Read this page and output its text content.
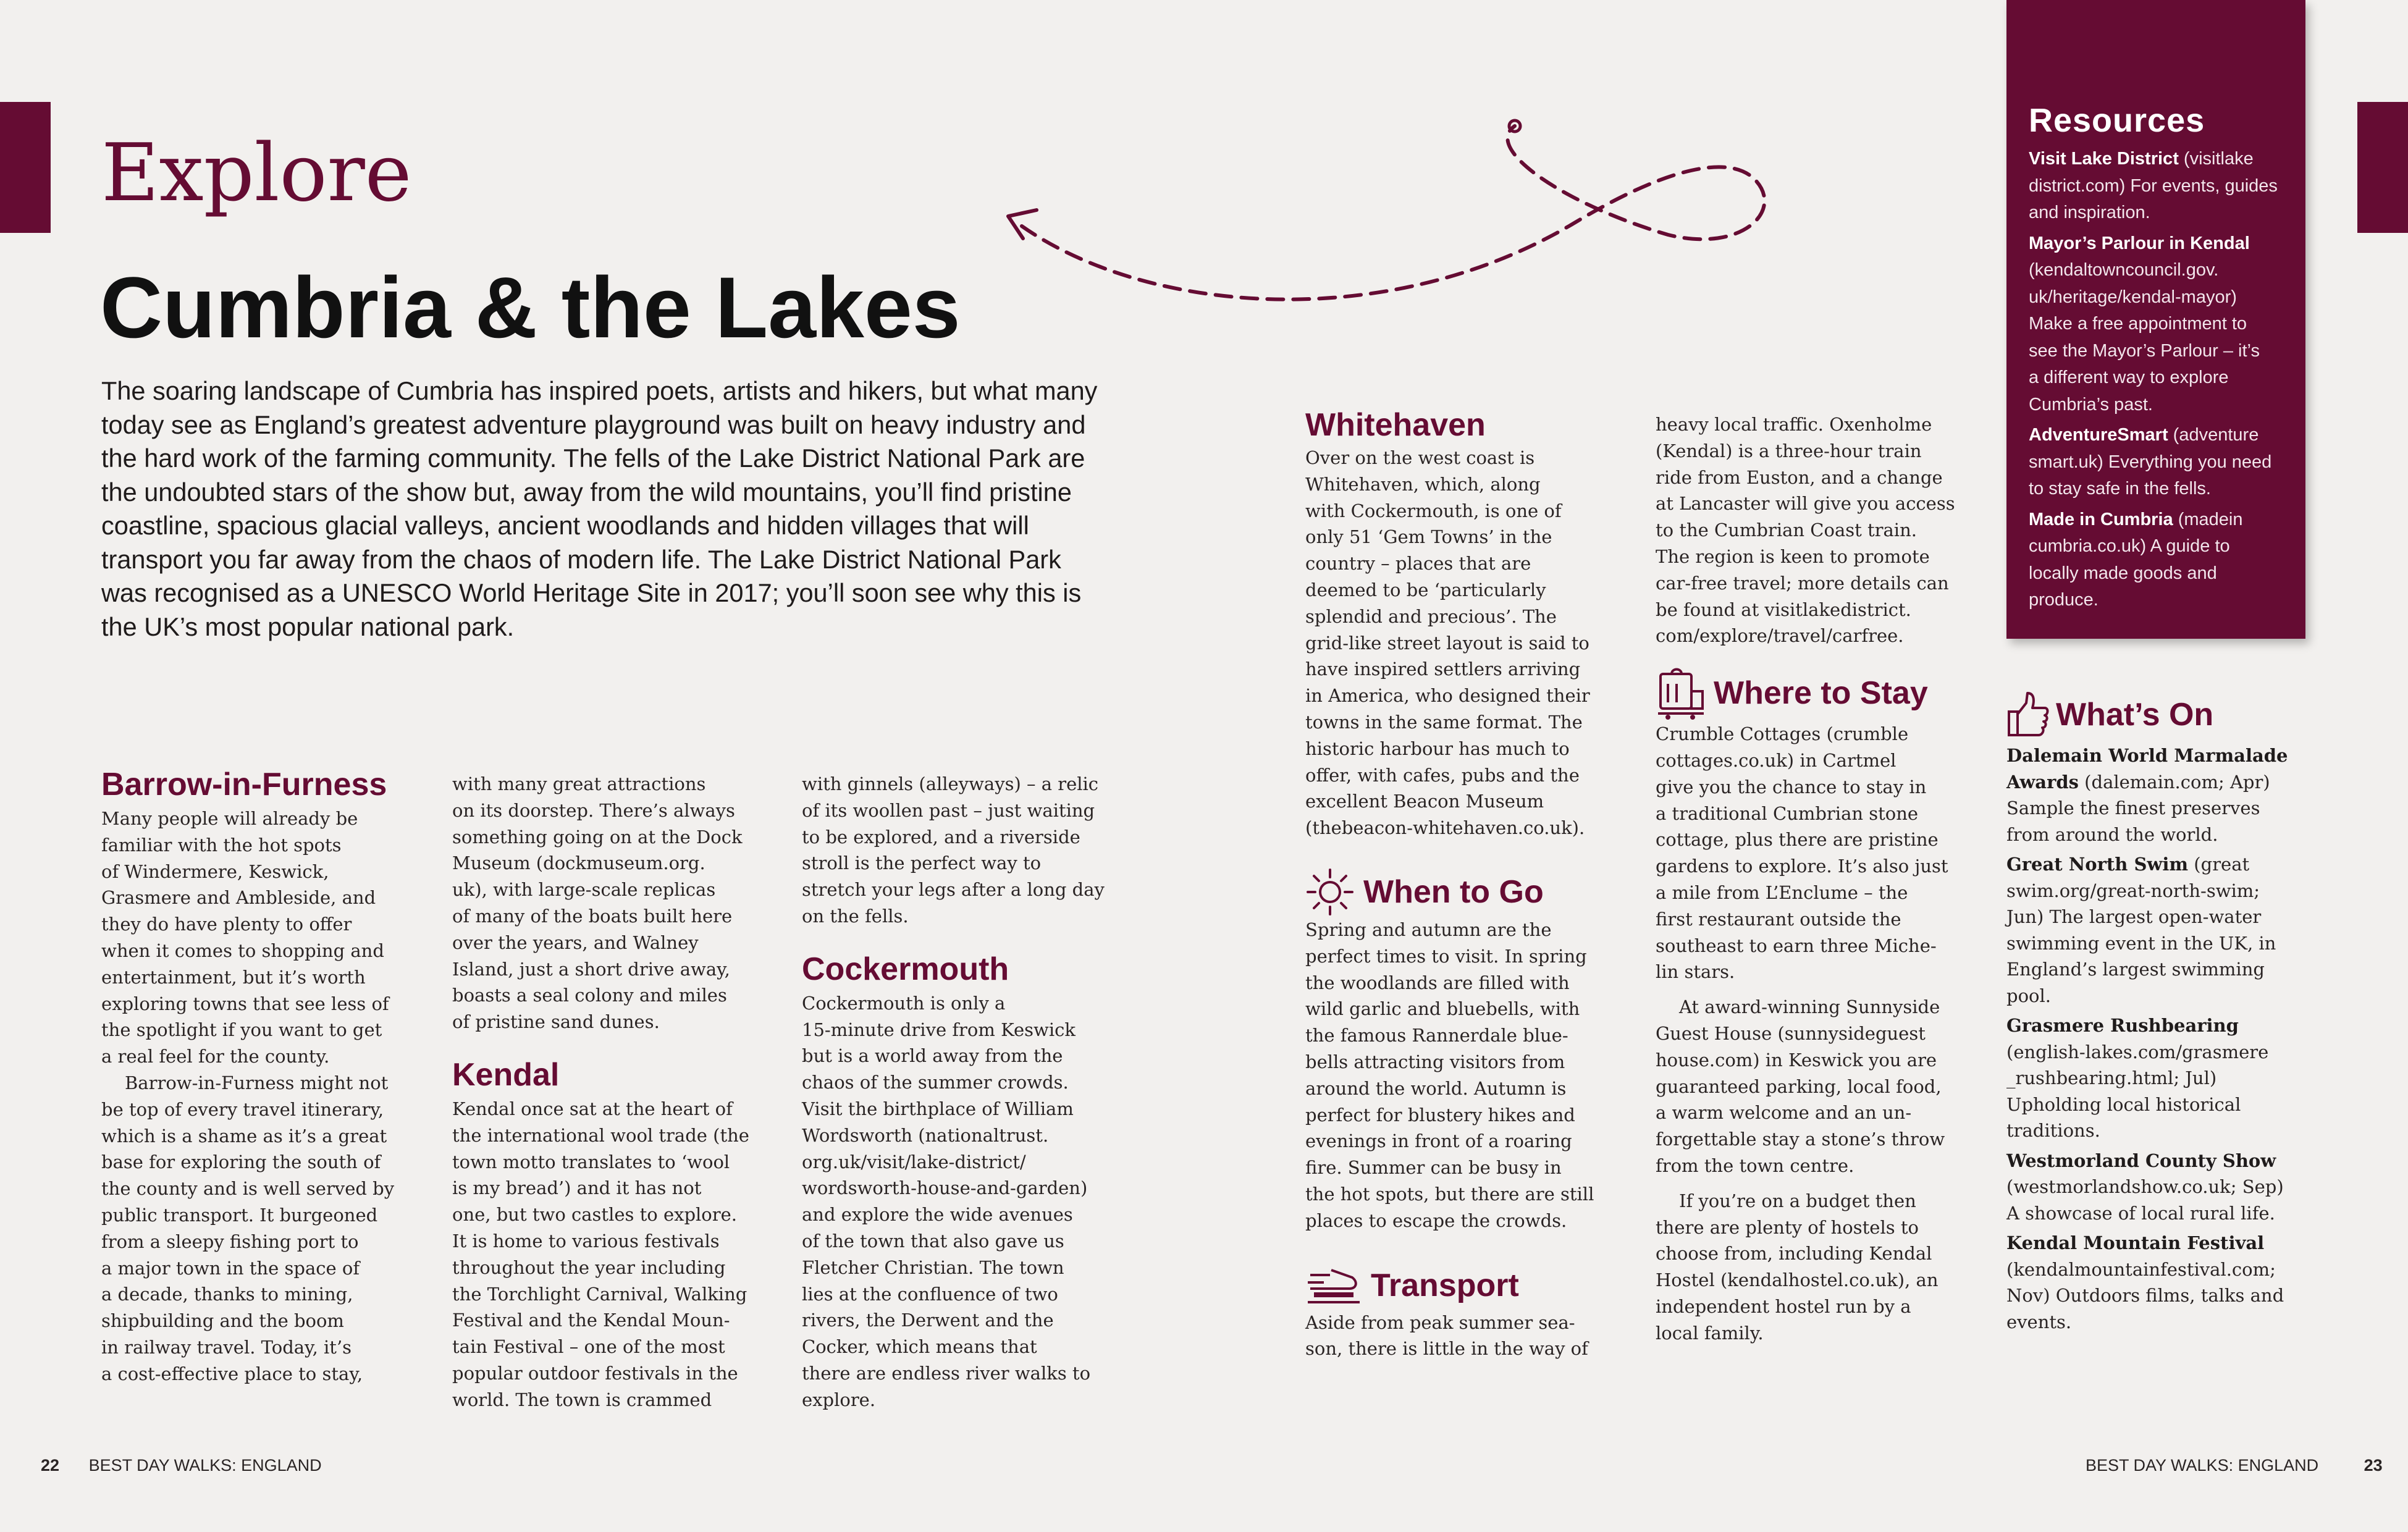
Explore
Cumbria & the Lakes

The soaring landscape of Cumbria has inspired poets, artists and hikers, but what many
today see as England’s greatest adventure playground was built on heavy industry and
the hard work of the farming community. The fells of the Lake District National Park are
the undoubted stars of the show but, away from the wild mountains, you’ll find pristine
coastline, spacious glacial valleys, ancient woodlands and hidden villages that will
transport you far away from the chaos of modern life. The Lake District National Park
was recognised as a UNESCO World Heritage Site in 2017; you’ll soon see why this is
the UK’s most popular national park.

Barrow-in-Furness

Many people will already be
familiar with the hot spots
of Windermere, Keswick,
Grasmere and Ambleside, and
they do have plenty to offer
when it comes to shopping and
entertainment, but it’s worth
exploring towns that see less of
the spotlight if you want to get
a real feel for the county.

Barrow-in-Furness might not
be top of every travel itinerary,
which is a shame as it’s a great
base for exploring the south of
the county and is well served by
public transport. It burgeoned
from a sleepy fishing port to
a major town in the space of
a decade, thanks to mining,
shipbuilding and the boom
in railway travel. Today, it’s
a cost-effective place to stay,

with many great attractions
on its doorstep. There’s always
something going on at the Dock
Museum (dockmuseum.org.
uk), with large-scale replicas
of many of the boats built here
over the years, and Walney
Island, just a short drive away,
boasts a seal colony and miles
of pristine sand dunes.

Kendal

Kendal once sat at the heart of
the international wool trade (the
town motto translates to ‘wool
is my bread’) and it has not
one, but two castles to explore.
It is home to various festivals
throughout the year including
the Torchlight Carnival, Walking
Festival and the Kendal Moun-
tain Festival – one of the most
popular outdoor festivals in the
world. The town is crammed

with ginnels (alleyways) – a relic
of its woollen past – just waiting
to be explored, and a riverside
stroll is the perfect way to
stretch your legs after a long day
on the fells.

Cockermouth

Cockermouth is only a
15-minute drive from Keswick
but is a world away from the
chaos of the summer crowds.
Visit the birthplace of William
Wordsworth (nationaltrust.
org.uk/visit/lake-district/
wordsworth-house-and-garden)
and explore the wide avenues
of the town that also gave us
Fletcher Christian. The town
lies at the confluence of two
rivers, the Derwent and the
Cocker, which means that
there are endless river walks to
explore.

Whitehaven

Over on the west coast is
Whitehaven, which, along
with Cockermouth, is one of
only 51 ‘Gem Towns’ in the
country – places that are
deemed to be ‘particularly
splendid and precious’. The
grid-like street layout is said to
have inspired settlers arriving
in America, who designed their
towns in the same format. The
historic harbour has much to
offer, with cafes, pubs and the
excellent Beacon Museum
(thebeacon-whitehaven.co.uk).

When to Go

Spring and autumn are the
perfect times to visit. In spring
the woodlands are filled with
wild garlic and bluebells, with
the famous Rannerdale blue-
bells attracting visitors from
around the world. Autumn is
perfect for blustery hikes and
evenings in front of a roaring
fire. Summer can be busy in
the hot spots, but there are still
places to escape the crowds.

Transport

Aside from peak summer sea-
son, there is little in the way of

heavy local traffic. Oxenholme
(Kendal) is a three-hour train
ride from Euston, and a change
at Lancaster will give you access
to the Cumbrian Coast train.
The region is keen to promote
car-free travel; more details can
be found at visitlakedistrict.
com/explore/travel/carfree.

Where to Stay

Crumble Cottages (crumble
cottages.co.uk) in Cartmel
give you the chance to stay in
a traditional Cumbrian stone
cottage, plus there are pristine
gardens to explore. It’s also just
a mile from L’Enclume – the
first restaurant outside the
southeast to earn three Miche-
lin stars.

At award-winning Sunnyside
Guest House (sunnysideguest
house.com) in Keswick you are
guaranteed parking, local food,
a warm welcome and an un-
forgettable stay a stone’s throw
from the town centre.

If you’re on a budget then
there are plenty of hostels to
choose from, including Kendal
Hostel (kendalhostel.co.uk), an
independent hostel run by a
local family.

Resources

Visit Lake District (visitlake
district.com) For events, guides
and inspiration.

Mayor’s Parlour in Kendal
(kendaltowncouncil.gov.
uk/heritage/kendal-mayor)
Make a free appointment to
see the Mayor’s Parlour – it’s
a different way to explore
Cumbria’s past.

AdventureSmart (adventure
smart.uk) Everything you need
to stay safe in the fells.

Made in Cumbria (madein
cumbria.co.uk) A guide to
locally made goods and
produce.

What’s On

Dalemain World Marmalade
Awards (dalemain.com; Apr)
Sample the finest preserves
from around the world.

Great North Swim (great
swim.org/great-north-swim;
Jun) The largest open-water
swimming event in the UK, in
England’s largest swimming
pool.

Grasmere Rushbearing
(english-lakes.com/grasmere
_rushbearing.html; Jul)
Upholding local historical
traditions.

Westmorland County Show
(westmorlandshow.co.uk; Sep)
A showcase of local rural life.

Kendal Mountain Festival
(kendalmountainfestival.com;
Nov) Outdoors films, talks and
events.

22 BEST DAY WALKS: ENGLAND	BEST DAY WALKS: ENGLAND	23
